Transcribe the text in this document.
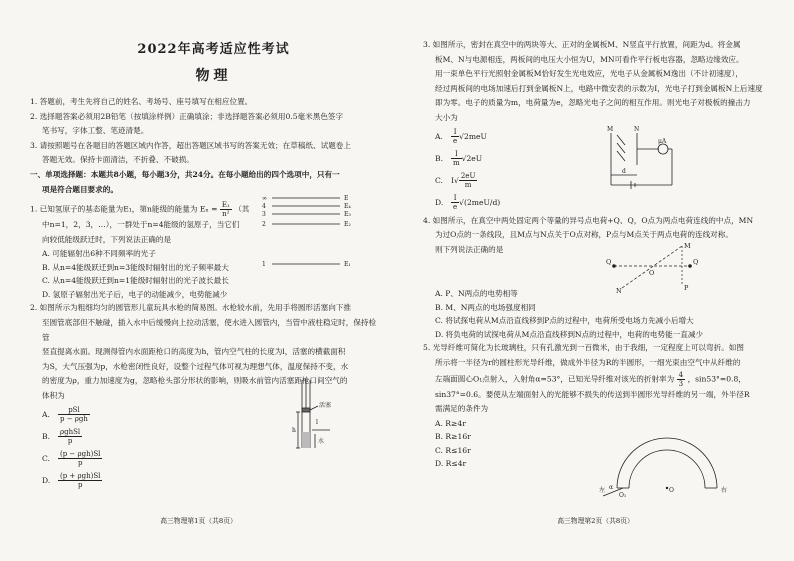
2022年高考适应性考试
物理
1. 答题前，考生先将自己的姓名、考场号、座号填写在相应位置。
2. 选择题答案必须用2B铅笔（按填涂样例）正确填涂；非选择题答案必须用0.5毫米黑色签字
笔书写，字体工整、笔迹清楚。
3. 请按照题号在各题目的答题区域内作答，超出答题区域书写的答案无效；在草稿纸、试题卷上
答题无效。保持卡面清洁，不折叠、不破损。
一、单项选择题：本题共8小题，每小题3分，共24分。在每小题给出的四个选项中，只有一
项是符合题目要求的。
1. 已知氢原子的基态能量为E₁，第n能级的能量为 $E_n = \frac{\text{E₁}}{\text{n²}}$ （其
中n=1，2，3，…），一群处于n=4能级的氢原子，当它们
向较低能级跃迁时，下列说法正确的是
A. 可能辐射出6种不同频率的光子
B. 从n=4能级跃迁到n=3能级时辐射出的光子频率最大
C. 从n=4能级跃迁到n=1能级时辐射出的光子波长最长
D. 氢原子辐射出光子后，电子的动能减少，电势能减少
∞
4
3
2
1
E
E₄
E₃
E₂
E₁
2. 如图所示为粗细均匀的圆管形儿童玩具水枪的简易图。水枪较水前，先用手将圆形活塞向下推
至圆管底部但不触碰，插入水中后缓慢向上拉动活塞，使水进入圆管内，当管中液柱稳定时，保持检管
竖直提离水面。现测得管内水面距枪口的高度为h，管内空气柱的长度为l，活塞的横截面积
为S，大气压强为p，水枪密闭性良好，设整个过程气体可视为理想气体，温度保持不变，水
的密度为ρ，重力加速度为g，忽略枪头部分形状的影响，则吸水前管内活塞距枪口间空气的
体积为
A.	$\frac{\text{pSl}}{\text{p − ρgh}}$
B.	$\frac{\text{ρghSl}}{p}$
C.	$\frac{\text{(p − ρgh)Sl}}{p}$
D.	$\frac{\text{(p + ρgh)Sl}}{p}$
活塞
h
l
水
高三物理第1页（共8页）
3. 如图所示，密封在真空中的两块等大、正对的金属板M、N竖直平行放置，间距为d。将金属
板M、N与电源相连，两板间的电压大小恒为U，MN可看作平行板电容器，忽略边缘效应。
用一束单色平行光照射金属板M恰好发生光电效应，光电子从金属板M逸出（不计初速度），
经过两板间的电场加速后打到金属板N上，电路中微安表的示数为I，光电子打到金属板N上后速度
即为零。电子的质量为m，电荷量为e，忽略光电子之间的相互作用。则光电子对极板的撞击力
大小为
A.	$\frac{I}{e} √2meU$
B.	$\frac{I}{m} √2eU$
C.	$I√ \frac{2eU}{m}$
D.	$\frac{I}{e} √(2meU/d)$
M	N
d
μA
4. 如图所示，在真空中两处固定两个等量的异号点电荷+Q、Q，O点为两点电荷连线的中点，MN
为过O点的一条线段，且M点与N点关于O点对称，P点与M点关于两点电荷的连线对称。
则下列说法正确的是
A. P、N两点的电势相等
B. M、N两点的电场强度相同
C. 将试探电荷从M点沿直线移到P点的过程中，电荷所受电场力先减小后增大
D. 将负电荷的试探电荷从M点沿直线移到N点的过程中，电荷的电势能一直减少
Q	Q
M
N
O
P
5. 光导纤维可简化为长玻璃柱，只有孔激光到一百微米，由于我细，一定程度上可以弯折。如图
所示将一半径为r的圆柱形光导纤维，做成外半径为R的半圆形，一细光束由空气中从纤维的
左端面圆心O₁点射入，入射角α=53°，已知光导纤维对该光的折射率为 $\frac{4}{3}$ ，sin53°=0.8，
sin37°=0.6。要使从左端面射入的光能够不损失的传送到半圆形光导纤维的另一端，外半径R
需满足的条件为
A. R≥4r
B. R≥16r
C. R≤16r
D. R≤4r
左	右
O
O₁
α
高三物理第2页（共8页）
